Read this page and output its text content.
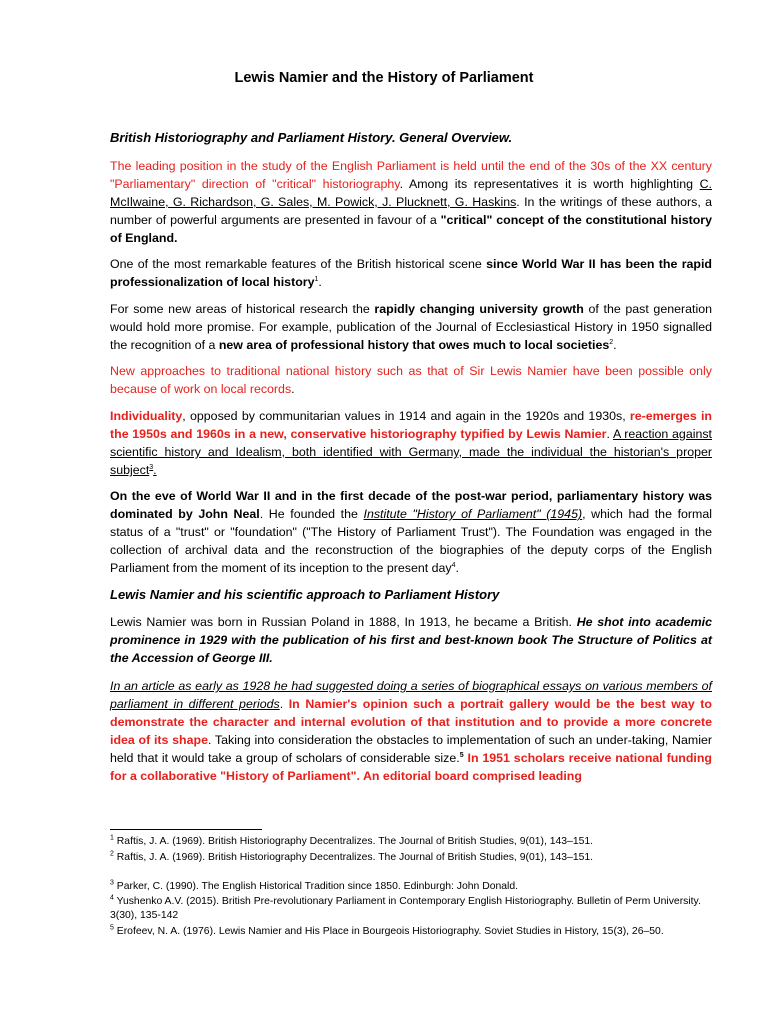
Lewis Namier and the History of Parliament
British Historiography and Parliament History. General Overview.
The leading position in the study of the English Parliament is held until the end of the 30s of the XX century "Parliamentary" direction of "critical" historiography. Among its representatives it is worth highlighting C. McIlwaine, G. Richardson, G. Sales, M. Powick, J. Plucknett, G. Haskins. In the writings of these authors, a number of powerful arguments are presented in favour of a "critical" concept of the constitutional history of England.
One of the most remarkable features of the British historical scene since World War II has been the rapid professionalization of local history$^1$.
For some new areas of historical research the rapidly changing university growth of the past generation would hold more promise. For example, publication of the Journal of Ecclesiastical History in 1950 signalled the recognition of a new area of professional history that owes much to local societies$^2$.
New approaches to traditional national history such as that of Sir Lewis Namier have been possible only because of work on local records.
Individuality, opposed by communitarian values in 1914 and again in the 1920s and 1930s, re-emerges in the 1950s and 1960s in a new, conservative historiography typified by Lewis Namier. A reaction against scientific history and Idealism, both identified with Germany, made the individual the historian's proper subject$^3$.
On the eve of World War II and in the first decade of the post-war period, parliamentary history was dominated by John Neal. He founded the Institute "History of Parliament" (1945), which had the formal status of a "trust" or "foundation" ("The History of Parliament Trust"). The Foundation was engaged in the collection of archival data and the reconstruction of the biographies of the deputy corps of the English Parliament from the moment of its inception to the present day$^4$.
Lewis Namier and his scientific approach to Parliament History
Lewis Namier was born in Russian Poland in 1888, In 1913, he became a British. He shot into academic prominence in 1929 with the publication of his first and best-known book The Structure of Politics at the Accession of George III.
In an article as early as 1928 he had suggested doing a series of biographical essays on various members of parliament in different periods. In Namier's opinion such a portrait gallery would be the best way to demonstrate the character and internal evolution of that institution and to provide a more concrete idea of its shape. Taking into consideration the obstacles to implementation of such an under-taking, Namier held that it would take a group of scholars of considerable size.$^5$ In 1951 scholars receive national funding for a collaborative "History of Parliament". An editorial board comprised leading
$^1$ Raftis, J. A. (1969). British Historiography Decentralizes. The Journal of British Studies, 9(01), 143–151.
$^2$ Raftis, J. A. (1969). British Historiography Decentralizes. The Journal of British Studies, 9(01), 143–151.
$^3$ Parker, C. (1990). The English Historical Tradition since 1850. Edinburgh: John Donald.
$^4$ Yushenko A.V. (2015). British Pre-revolutionary Parliament in Contemporary English Historiography. Bulletin of Perm University. 3(30), 135-142
$^5$ Erofeev, N. A. (1976). Lewis Namier and His Place in Bourgeois Historiography. Soviet Studies in History, 15(3), 26–50.
